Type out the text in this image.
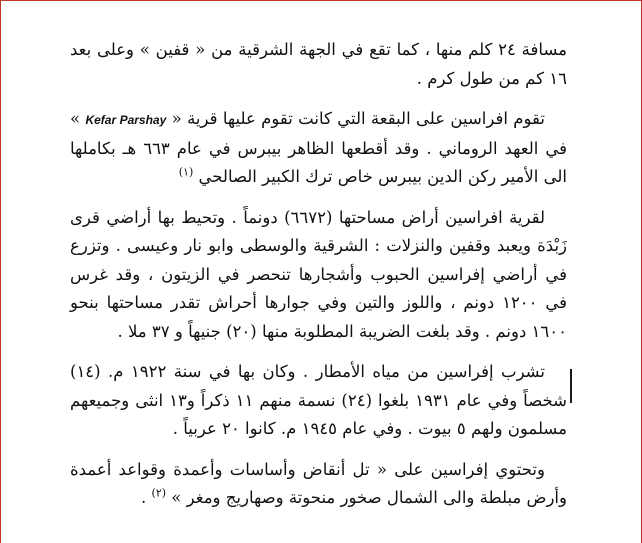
مسافة ٢٤ كلم منها ، كما تقع في الجهة الشرقية من « قفين » وعلى بعد ١٦ كم من طول كرم .

تقوم افراسين على البقعة التي كانت تقوم عليها قرية « Kefar Parshay » في العهد الروماني . وقد أقطعها الظاهر بيبرس في عام ٦٦٣ هـ بكاملها الى الأمير ركن الدين بيبرس خاص ترك الكبير الصالحي $^{(١)}$

لقرية افراسين أراض مساحتها (٦٦٧٢) دونماً . وتحيط بها أراضي قرى زَبْدَة ويعبد وقفين والنزلات : الشرقية والوسطى وابو نار وعيسى . وتزرع في أراضي إفراسين الحبوب وأشجارها تنحصر في الزيتون ، وقد غرس في ١٢٠٠ دونم ، واللوز والتين وفي جوارها أحراش تقدر مساحتها بنحو ١٦٠٠ دونم . وقد بلغت الضريبة المطلوبة منها (٢٠) جنيهاً و ٣٧ ملا .

تشرب إفراسين من مياه الأمطار . وكان بها في سنة ١٩٢٢ م. (١٤) شخصاً وفي عام ١٩٣١ بلغوا (٢٤) نسمة منهم ١١ ذكراً و١٣ انثى وجميعهم مسلمون ولهم ٥ بيوت . وفي عام ١٩٤٥ م. كانوا ٢٠ عربياً .

وتحتوي إفراسين على « تل أنقاض وأساسات وأعمدة وقواعد أعمدة وأرض مبلطة والى الشمال صخور منحوتة وصهاريج ومغر » $^{(٢)}$ .
